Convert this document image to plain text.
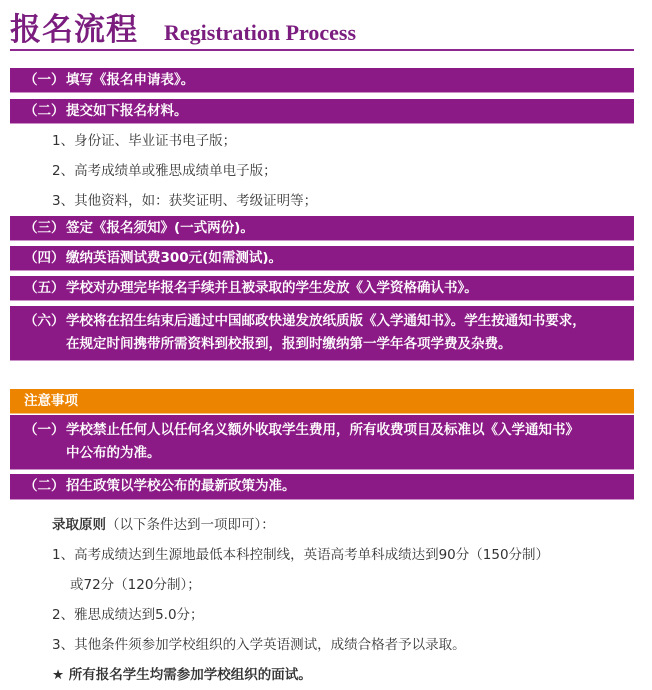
报名流程 Registration Process
（一） 填写《报名申请表》。
（二） 提交如下报名材料。
1、身份证、毕业证书电子版；
2、高考成绩单或雅思成绩单电子版；
3、其他资料，如：获奖证明、考级证明等；
（三） 签定《报名须知》(一式两份)。
（四） 缴纳英语测试费300元(如需测试)。
（五） 学校对办理完毕报名手续并且被录取的学生发放《入学资格确认书》。
（六） 学校将在招生结束后通过中国邮政快递发放纸质版《入学通知书》。学生按通知书要求，
在规定时间携带所需资料到校报到，报到时缴纳第一学年各项学费及杂费。
注意事项
（一） 学校禁止任何人以任何名义额外收取学生费用，所有收费项目及标准以《入学通知书》
中公布的为准。
（二） 招生政策以学校公布的最新政策为准。
录取原则（以下条件达到一项即可）：
1、高考成绩达到生源地最低本科控制线，英语高考单科成绩达到90分（150分制）
或72分（120分制）；
2、雅思成绩达到5.0分；
3、其他条件须参加学校组织的入学英语测试，成绩合格者予以录取。
★ 所有报名学生均需参加学校组织的面试。
